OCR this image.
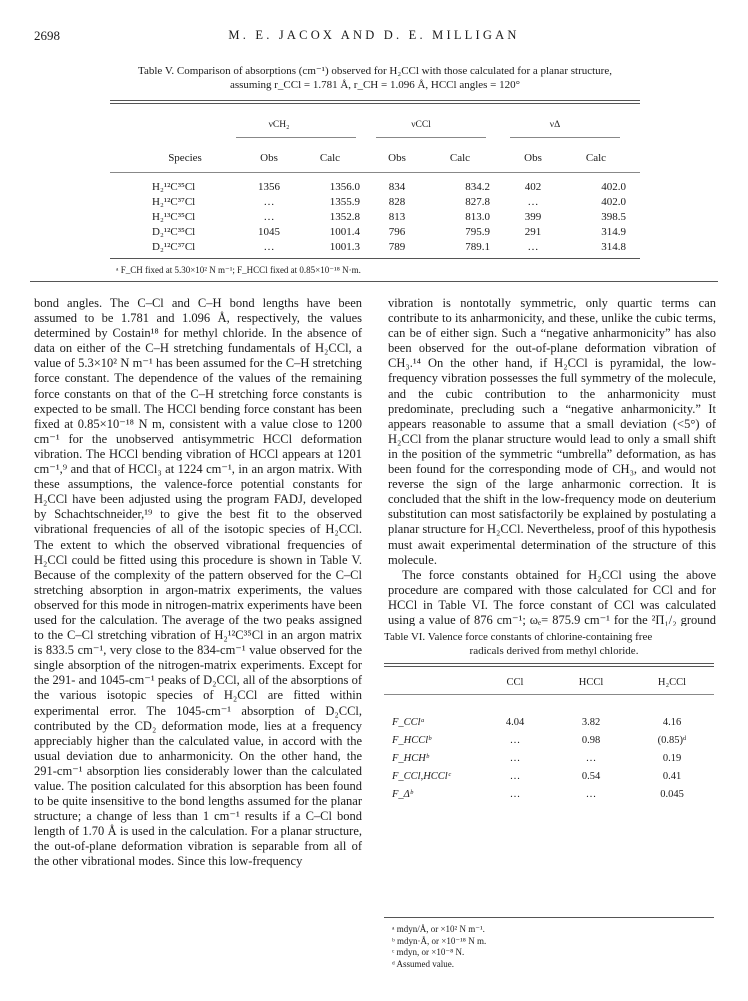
2698	M. E. JACOX AND D. E. MILLIGAN
Table V. Comparison of absorptions (cm⁻¹) observed for H₂CCl with those calculated for a planar structure,
assuming r_CCl = 1.781 Å, r_CH = 1.096 Å, HCCl angles = 120°
νCH₂	νCCl	νΔ
Species	Obs	Calc	Obs	Calc	Obs	Calc
H₂¹²C³⁵Cl	1356	1356.0	834	834.2	402	402.0
H₂¹²C³⁷Cl	…	1355.9	828	827.8	…	402.0
H₂¹³C³⁵Cl	…	1352.8	813	813.0	399	398.5
D₂¹²C³⁵Cl	1045	1001.4	796	795.9	291	314.9
D₂¹²C³⁷Cl	…	1001.3	789	789.1	…	314.8
ᵃ F_CH fixed at 5.30×10² N m⁻¹; F_HCCl fixed at 0.85×10⁻¹⁸ N·m.

bond angles. The C–Cl and C–H bond lengths have been assumed to be 1.781 and 1.096 Å, respectively, the values determined by Costain¹⁸ for methyl chloride. In the absence of data on either of the C–H stretching fundamentals of H₂CCl, a value of 5.3×10² N m⁻¹ has been assumed for the C–H stretching force constant. The dependence of the values of the remaining force constants on that of the C–H stretching force constants is expected to be small. The HCCl bending force constant has been fixed at 0.85×10⁻¹⁸ N m, consistent with a value close to 1200 cm⁻¹ for the unobserved antisymmetric HCCl deformation vibration. The HCCl bending vibration of HCCl appears at 1201 cm⁻¹,⁹ and that of HCCl₃ at 1224 cm⁻¹, in an argon matrix. With these assumptions, the valence-force potential constants for H₂CCl have been adjusted using the program FADJ, developed by Schachtschneider,¹⁹ to give the best fit to the observed vibrational frequencies of all of the isotopic species of H₂CCl. The extent to which the observed vibrational frequencies of H₂CCl could be fitted using this procedure is shown in Table V. Because of the complexity of the pattern observed for the C–Cl stretching absorption in argon-matrix experiments, the values observed for this mode in nitrogen-matrix experiments have been used for the calculation. The average of the two peaks assigned to the C–Cl stretching vibration of H₂¹²C³⁵Cl in an argon matrix is 833.5 cm⁻¹, very close to the 834-cm⁻¹ value observed for the single absorption of the nitrogen-matrix experiments. Except for the 291- and 1045-cm⁻¹ peaks of D₂CCl, all of the absorptions of the various isotopic species of H₂CCl are fitted within experimental error. The 1045-cm⁻¹ absorption of D₂CCl, contributed by the CD₂ deformation mode, lies at a frequency appreciably higher than the calculated value, in accord with the usual deviation due to anharmonicity. On the other hand, the 291-cm⁻¹ absorption lies considerably lower than the calculated value. The position calculated for this absorption has been found to be quite insensitive to the bond lengths assumed for the planar structure; a change of less than 1 cm⁻¹ results if a C–Cl bond length of 1.70 Å is used in the calculation. For a planar structure, the out-of-plane deformation vibration is separable from all of the other vibrational modes. Since this low-frequency

vibration is nontotally symmetric, only quartic terms can contribute to its anharmonicity, and these, unlike the cubic terms, can be of either sign. Such a “negative anharmonicity” has also been observed for the out-of-plane deformation vibration of CH₃.¹⁴ On the other hand, if H₂CCl is pyramidal, the low-frequency vibration possesses the full symmetry of the molecule, and the cubic contribution to the anharmonicity must predominate, precluding such a “negative anharmonicity.” It appears reasonable to assume that a small deviation (<5°) of H₂CCl from the planar structure would lead to only a small shift in the position of the symmetric “umbrella” deformation, as has been found for the corresponding mode of CH₃, and would not reverse the sign of the large anharmonic correction. It is concluded that the shift in the low-frequency mode on deuterium substitution can most satisfactorily be explained by postulating a planar structure for H₂CCl. Nevertheless, proof of this hypothesis must await experimental determination of the structure of this molecule.

The force constants obtained for H₂CCl using the above procedure are compared with those calculated for CCl and for HCCl in Table VI. The force constant of CCl was calculated using a value of 876 cm⁻¹; ωₑ= 875.9 cm⁻¹ for the ²Π₁/₂ ground

Table VI. Valence force constants of chlorine-containing free
radicals derived from methyl chloride.
CCl	HCCl	H₂CCl
F_CClᵃ	4.04	3.82	4.16
F_HCClᵇ	…	0.98	(0.85)ᵈ
F_HCHᵇ	…	…	0.19
F_CCl,HCClᶜ	…	0.54	0.41
F_Δᵇ	…	…	0.045
ᵃ mdyn/Å, or ×10² N m⁻¹.
ᵇ mdyn·Å, or ×10⁻¹⁸ N m.
ᶜ mdyn, or ×10⁻⁸ N.
ᵈ Assumed value.
